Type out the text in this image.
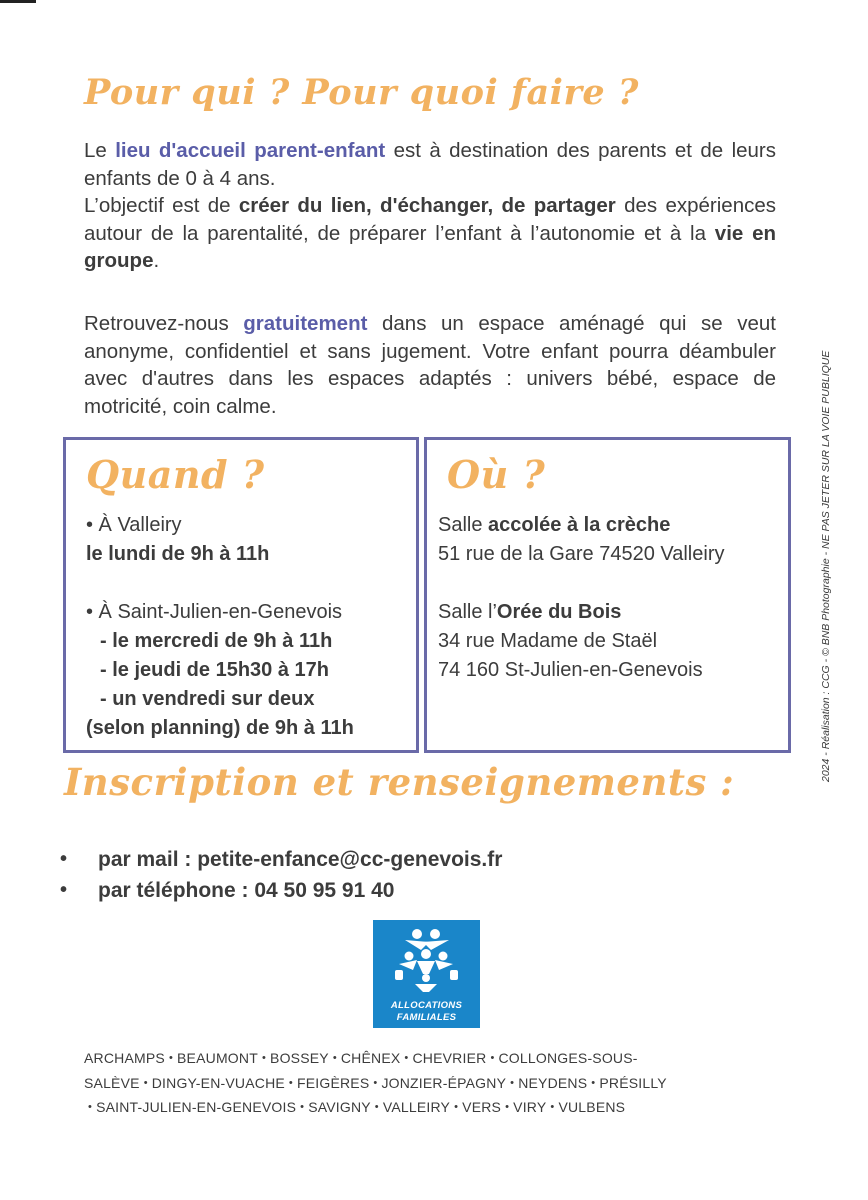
Pour qui ? Pour quoi faire ?

Le lieu d'accueil parent-enfant est à destination des parents et de leurs enfants de 0 à 4 ans.
L’objectif est de créer du lien, d'échanger, de partager des expériences autour de la parentalité, de préparer l’enfant à l’autonomie et à la vie en groupe.

Retrouvez-nous gratuitement dans un espace aménagé qui se veut anonyme, confidentiel et sans jugement. Votre enfant pourra déambuler avec d'autres dans les espaces adaptés : univers bébé, espace de motricité, coin calme.

Quand ?
• À Valleiry
le lundi de 9h à 11h
• À Saint-Julien-en-Genevois
- le mercredi de 9h à 11h
- le jeudi de 15h30 à 17h
- un vendredi sur deux
(selon planning) de 9h à 11h
Où ?
Salle accolée à la crèche
51 rue de la Gare 74520 Valleiry
Salle l’Orée du Bois
34 rue Madame de Staël
74 160 St-Julien-en-Genevois
Inscription et renseignements :
• par mail : petite-enfance@cc-genevois.fr
• par téléphone : 04 50 95 91 40
ALLOCATIONS
FAMILIALES
ARCHAMPS • BEAUMONT • BOSSEY • CHÊNEX • CHEVRIER • COLLONGES-SOUS-
SALÈVE • DINGY-EN-VUACHE • FEIGÈRES • JONZIER-ÉPAGNY • NEYDENS • PRÉSILLY
• SAINT-JULIEN-EN-GENEVOIS • SAVIGNY • VALLEIRY • VERS • VIRY • VULBENS
2024 - Réalisation : CCG - © BNB Photographie - NE PAS JETER SUR LA VOIE PUBLIQUE
